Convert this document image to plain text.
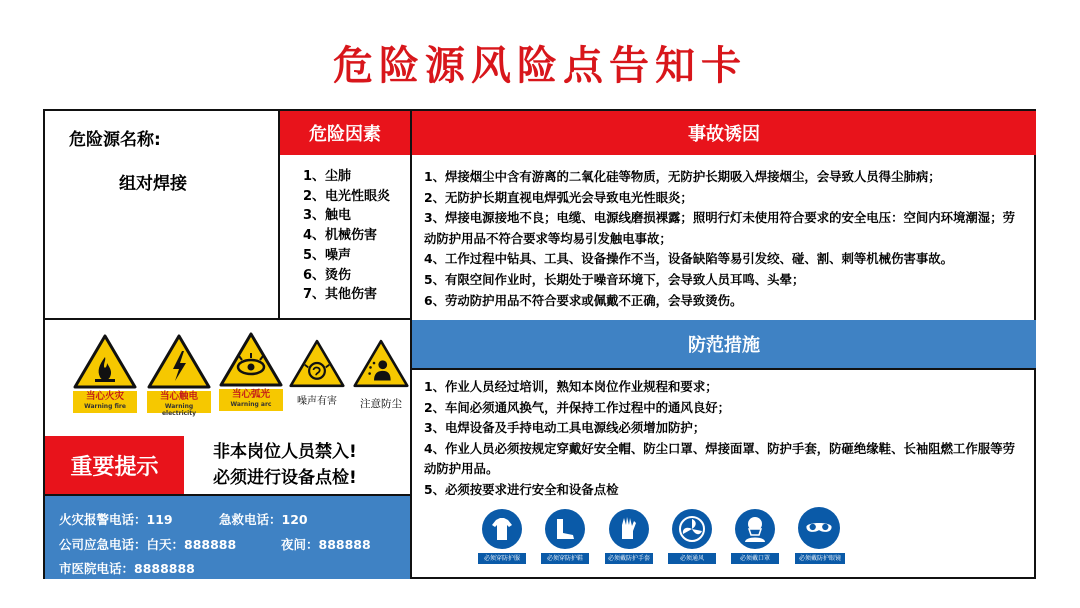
危险源风险点告知卡
危险源名称:
组对焊接
危险因素
1、尘肺
2、电光性眼炎
3、触电
4、机械伤害
5、噪声
6、烫伤
7、其他伤害
事故诱因
1、焊接烟尘中含有游离的二氧化硅等物质，无防护长期吸入焊接烟尘，会导致人员得尘肺病；
2、无防护长期直视电焊弧光会导致电光性眼炎；
3、焊接电源接地不良；电缆、电源线磨损裸露；照明行灯未使用符合要求的安全电压：空间内环境潮湿；劳动防护用品不符合要求等均易引发触电事故；
4、工作过程中钻具、工具、设备操作不当，设备缺陷等易引发绞、碰、割、刺等机械伤害事故。
5、有限空间作业时，长期处于噪音环境下，会导致人员耳鸣、头晕；
6、劳动防护用品不符合要求或佩戴不正确，会导致烫伤。
当心火灾
Warning fire
当心触电
Warning electricity
当心弧光
Warning arc	噪声有害	注意防尘
重要提示
非本岗位人员禁入!
必须进行设备点检!
火灾报警电话：119	急救电话：120
公司应急电话：白天：888888	夜间：888888
市医院电话：8888888
防范措施
1、作业人员经过培训，熟知本岗位作业规程和要求；
2、车间必须通风换气，并保持工作过程中的通风良好；
3、电焊设备及手持电动工具电源线必须增加防护；
4、作业人员必须按规定穿戴好安全帽、防尘口罩、焊接面罩、防护手套，防砸绝缘鞋、长袖阻燃工作服等劳动防护用品。
5、必须按要求进行安全和设备点检
必须穿防护服	必须穿防护鞋	必须戴防护手套	必须通风	必须戴口罩	必须戴防护眼镜
